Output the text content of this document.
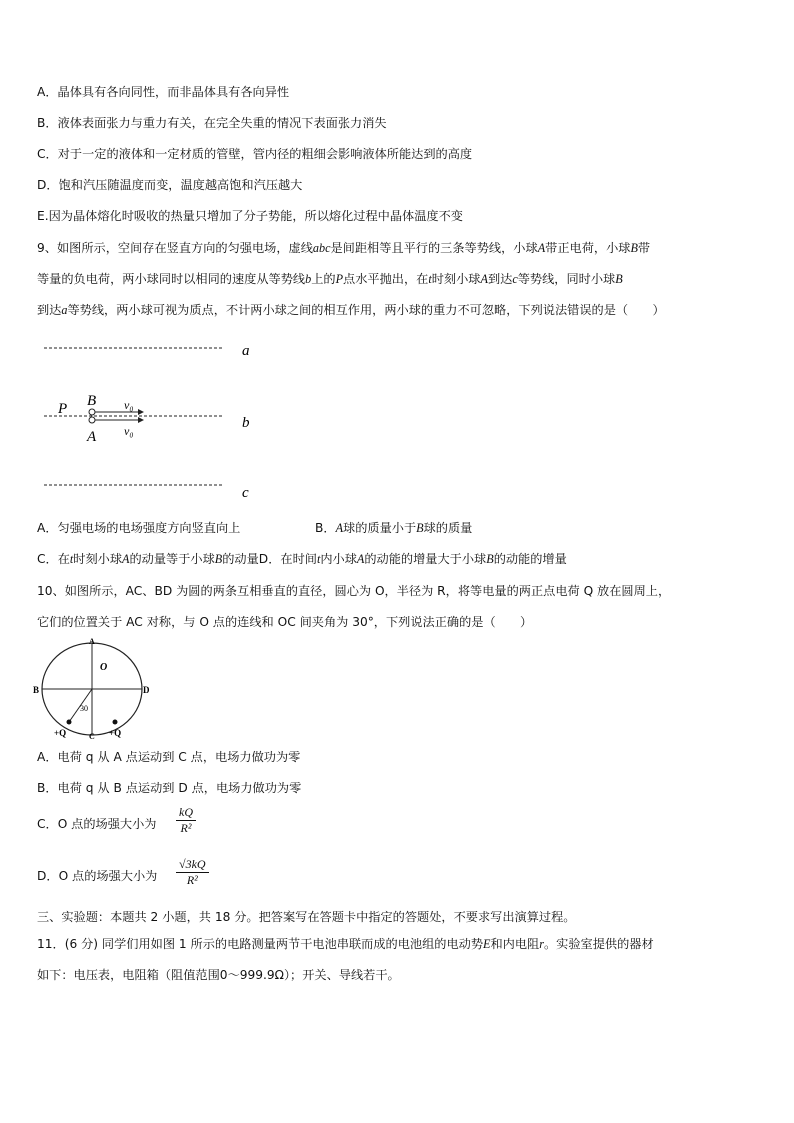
A．晶体具有各向同性，而非晶体具有各向异性
B．液体表面张力与重力有关，在完全失重的情况下表面张力消失
C．对于一定的液体和一定材质的管壁，管内径的粗细会影响液体所能达到的高度
D．饱和汽压随温度而变，温度越高饱和汽压越大
E.因为晶体熔化时吸收的热量只增加了分子势能，所以熔化过程中晶体温度不变
9、如图所示，空间存在竖直方向的匀强电场，虚线abc是间距相等且平行的三条等势线，小球A带正电荷，小球B带
等量的负电荷，两小球同时以相同的速度从等势线b上的P点水平抛出，在t时刻小球A到达c等势线，同时小球B
到达a等势线，两小球可视为质点，不计两小球之间的相互作用，两小球的重力不可忽略，下列说法错误的是（　　）
a
b
c
P B
A
v₀
v₀
A．匀强电场的电场强度方向竖直向上	B．A球的质量小于B球的质量
C．在t时刻小球A的动量等于小球B的动量D．在时间t内小球A的动能的增量大于小球B的动能的增量
10、如图所示，AC、BD 为圆的两条互相垂直的直径，圆心为 O，半径为 R，将等电量的两正点电荷 Q 放在圆周上，
它们的位置关于 AC 对称，与 O 点的连线和 OC 间夹角为 30°，下列说法正确的是（　　）
A
B	D
O
30
+Q	C +Q
A．电荷 q 从 A 点运动到 C 点，电场力做功为零
B．电荷 q 从 B 点运动到 D 点，电场力做功为零
C．O 点的场强大小为
kQ
R²
D．O 点的场强大小为
√3kQ
R²
三、实验题：本题共 2 小题，共 18 分。把答案写在答题卡中指定的答题处，不要求写出演算过程。
11．(6 分) 同学们用如图 1 所示的电路测量两节干电池串联而成的电池组的电动势E和内电阻r。实验室提供的器材
如下：电压表，电阻箱（阻值范围0～999.9Ω）；开关、导线若干。
